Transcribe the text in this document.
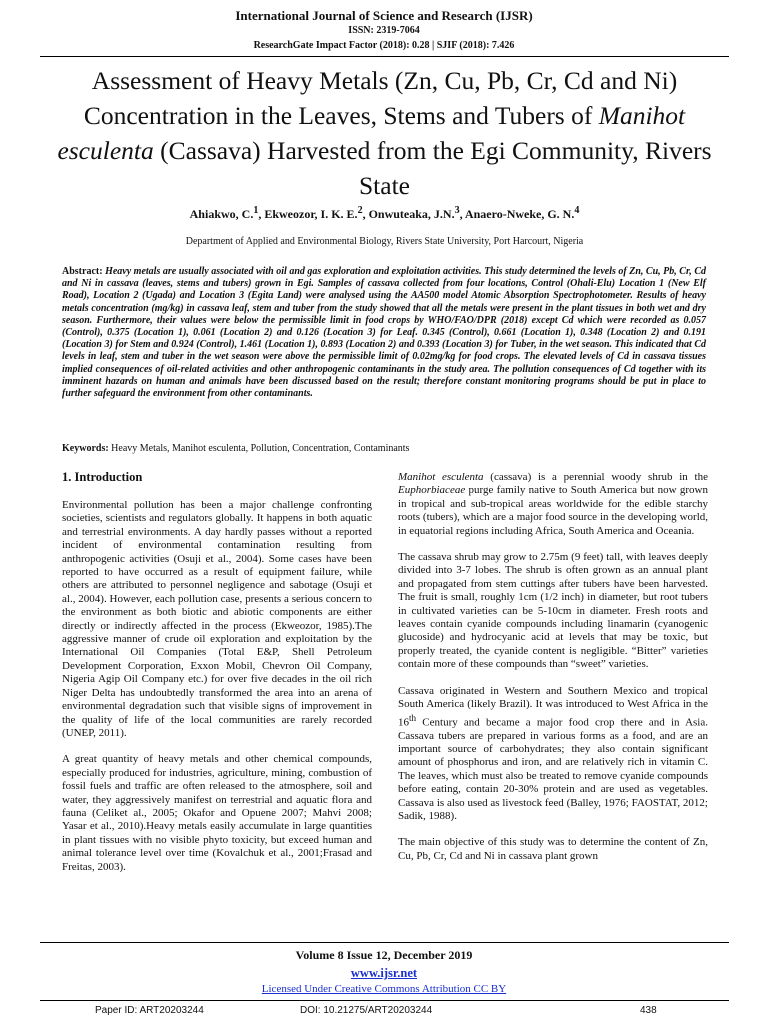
International Journal of Science and Research (IJSR)
ISSN: 2319-7064
ResearchGate Impact Factor (2018): 0.28 | SJIF (2018): 7.426
Assessment of Heavy Metals (Zn, Cu, Pb, Cr, Cd and Ni) Concentration in the Leaves, Stems and Tubers of Manihot esculenta (Cassava) Harvested from the Egi Community, Rivers State
Ahiakwo, C.$^1$, Ekweozor, I. K. E.$^2$, Onwuteaka, J.N.$^3$, Anaero-Nweke, G. N.$^4$
Department of Applied and Environmental Biology, Rivers State University, Port Harcourt, Nigeria
Abstract: Heavy metals are usually associated with oil and gas exploration and exploitation activities. This study determined the levels of Zn, Cu, Pb, Cr, Cd and Ni in cassava (leaves, stems and tubers) grown in Egi. Samples of cassava collected from four locations, Control (Ohali-Elu) Location 1 (New Elf Road), Location 2 (Ugada) and Location 3 (Egita Land) were analysed using the AA500 model Atomic Absorption Spectrophotometer. Results of heavy metals concentration (mg/kg) in cassava leaf, stem and tuber from the study showed that all the metals were present in the plant tissues in both wet and dry season. Furthermore, their values were below the permissible limit in food crops by WHO/FAO/DPR (2018) except Cd which were recorded as 0.057 (Control), 0.375 (Location 1), 0.061 (Location 2) and 0.126 (Location 3) for Leaf. 0.345 (Control), 0.661 (Location 1), 0.348 (Location 2) and 0.191 (Location 3) for Stem and 0.924 (Control), 1.461 (Location 1), 0.893 (Location 2) and 0.393 (Location 3) for Tuber, in the wet season. This indicated that Cd levels in leaf, stem and tuber in the wet season were above the permissible limit of 0.02mg/kg for food crops. The elevated levels of Cd in cassava tissues implied consequences of oil-related activities and other anthropogenic contaminants in the study area. The pollution consequences of Cd together with its imminent hazards on human and animals have been discussed based on the result; therefore constant monitoring programs should be put in place to further safeguard the environment from other contaminants.
Keywords: Heavy Metals, Manihot esculenta, Pollution, Concentration, Contaminants
1. Introduction

Environmental pollution has been a major challenge confronting societies, scientists and regulators globally. It happens in both aquatic and terrestrial environments. A day hardly passes without a reported incident of environmental contamination resulting from anthropogenic activities (Osuji et al., 2004). Some cases have been reported to have occurred as a result of equipment failure, while others are attributed to personnel negligence and sabotage (Osuji et al., 2004). However, each pollution case, presents a serious concern to the environment as both biotic and abiotic components are either directly or indirectly affected in the process (Ekweozor, 1985).The aggressive manner of crude oil exploration and exploitation by the International Oil Companies (Total E&P, Shell Petroleum Development Corporation, Exxon Mobil, Chevron Oil Company, Nigeria Agip Oil Company etc.) for over five decades in the oil rich Niger Delta has undoubtedly transformed the area into an arena of environmental degradation such that visible signs of improvement in the quality of life of the local communities are rarely recorded (UNEP, 2011).

A great quantity of heavy metals and other chemical compounds, especially produced for industries, agriculture, mining, combustion of fossil fuels and traffic are often released to the atmosphere, soil and water, they aggressively manifest on terrestrial and aquatic flora and fauna (Celiket al., 2005; Okafor and Opuene 2007; Mahvi 2008; Yasar et al., 2010).Heavy metals easily accumulate in large quantities in plant tissues with no visible phyto toxicity, but exceed human and animal tolerance level over time (Kovalchuk et al., 2001;Frasad and Freitas, 2003).

Manihot esculenta (cassava) is a perennial woody shrub in the Euphorbiaceae purge family native to South America but now grown in tropical and sub-tropical areas worldwide for the edible starchy roots (tubers), which are a major food source in the developing world, in equatorial regions including Africa, South America and Oceania.

The cassava shrub may grow to 2.75m (9 feet) tall, with leaves deeply divided into 3-7 lobes. The shrub is often grown as an annual plant and propagated from stem cuttings after tubers have been harvested. The fruit is small, roughly 1cm (1/2 inch) in diameter, but root tubers in cultivated varieties can be 5-10cm in diameter. Fresh roots and leaves contain cyanide compounds including linamarin (cyanogenic glucoside) and hydrocyanic acid at levels that may be toxic, but properly treated, the cyanide content is negligible. “Bitter” varieties contain more of these compounds than “sweet” varieties.

Cassava originated in Western and Southern Mexico and tropical South America (likely Brazil). It was introduced to West Africa in the 16th Century and became a major food crop there and in Asia. Cassava tubers are prepared in various forms as a food, and are an important source of carbohydrates; they also contain significant amount of phosphorus and iron, and are relatively rich in vitamin C. The leaves, which must also be treated to remove cyanide compounds before eating, contain 20-30% protein and are used as vegetables. Cassava is also used as livestock feed (Balley, 1976; FAOSTAT, 2012; Sadik, 1988).

The main objective of this study was to determine the content of Zn, Cu, Pb, Cr, Cd and Ni in cassava plant grown

Volume 8 Issue 12, December 2019
www.ijsr.net
Licensed Under Creative Commons Attribution CC BY
Paper ID: ART20203244	DOI: 10.21275/ART20203244	438
